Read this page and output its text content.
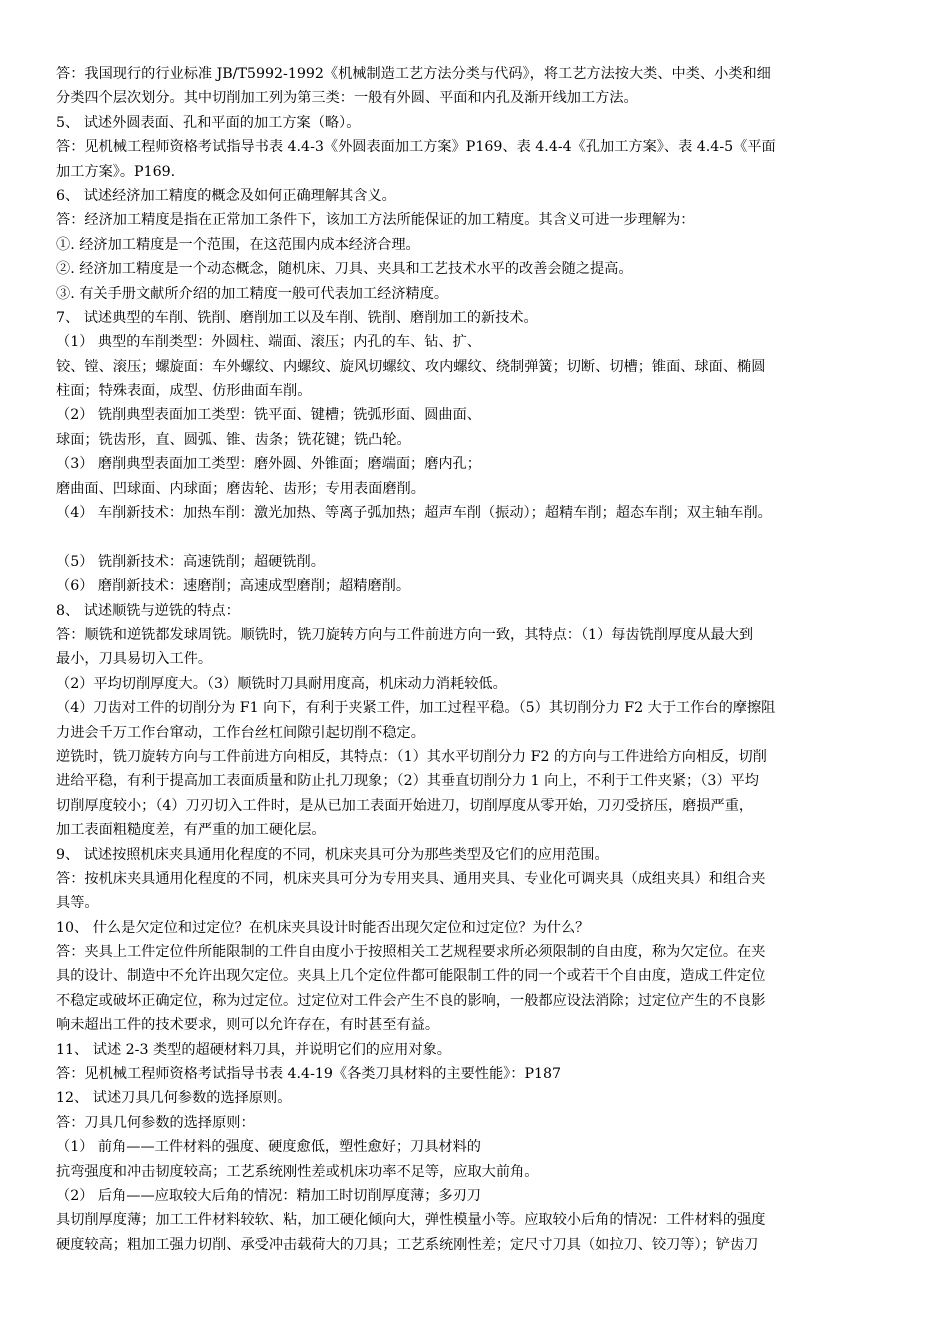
答：我国现行的行业标准 JB/T5992-1992《机械制造工艺方法分类与代码》，将工艺方法按大类、中类、小类和细
分类四个层次划分。其中切削加工列为第三类：一般有外圆、平面和内孔及渐开线加工方法。
5、 试述外圆表面、孔和平面的加工方案（略）。
答：见机械工程师资格考试指导书表 4.4-3《外圆表面加工方案》P169、表 4.4-4《孔加工方案》、表 4.4-5《平面
加工方案》。P169.
6、 试述经济加工精度的概念及如何正确理解其含义。
答：经济加工精度是指在正常加工条件下，该加工方法所能保证的加工精度。其含义可进一步理解为：
①. 经济加工精度是一个范围，在这范围内成本经济合理。
②. 经济加工精度是一个动态概念，随机床、刀具、夹具和工艺技术水平的改善会随之提高。
③. 有关手册文献所介绍的加工精度一般可代表加工经济精度。
7、 试述典型的车削、铣削、磨削加工以及车削、铣削、磨削加工的新技术。
（1） 典型的车削类型：外圆柱、端面、滚压；内孔的车、钻、扩、
铰、镗、滚压；螺旋面：车外螺纹、内螺纹、旋风切螺纹、攻内螺纹、绕制弹簧；切断、切槽；锥面、球面、椭圆
柱面；特殊表面，成型、仿形曲面车削。
（2） 铣削典型表面加工类型：铣平面、键槽；铣弧形面、圆曲面、
球面；铣齿形，直、圆弧、锥、齿条；铣花键；铣凸轮。
（3） 磨削典型表面加工类型：磨外圆、外锥面；磨端面；磨内孔；
磨曲面、凹球面、内球面；磨齿轮、齿形；专用表面磨削。
（4） 车削新技术：加热车削：激光加热、等离子弧加热；超声车削（振动）；超精车削；超态车削；双主轴车削。
（5） 铣削新技术：高速铣削；超硬铣削。
（6） 磨削新技术：速磨削；高速成型磨削；超精磨削。
8、 试述顺铣与逆铣的特点：
答：顺铣和逆铣都发球周铣。顺铣时，铣刀旋转方向与工件前进方向一致，其特点：（1）每齿铣削厚度从最大到
最小，刀具易切入工件。
（2）平均切削厚度大。（3）顺铣时刀具耐用度高，机床动力消耗较低。
（4）刀齿对工件的切削分为 F1 向下，有利于夹紧工件，加工过程平稳。（5）其切削分力 F2 大于工作台的摩擦阻
力进会千万工作台窜动，工作台丝杠间隙引起切削不稳定。
逆铣时，铣刀旋转方向与工件前进方向相反，其特点：（1）其水平切削分力 F2 的方向与工件进给方向相反，切削
进给平稳，有利于提高加工表面质量和防止扎刀现象；（2）其垂直切削分力 1 向上，不利于工件夹紧；（3）平均
切削厚度较小；（4）刀刃切入工件时，是从已加工表面开始进刀，切削厚度从零开始，刀刃受挤压，磨损严重，
加工表面粗糙度差，有严重的加工硬化层。
9、 试述按照机床夹具通用化程度的不同，机床夹具可分为那些类型及它们的应用范围。
答：按机床夹具通用化程度的不同，机床夹具可分为专用夹具、通用夹具、专业化可调夹具（成组夹具）和组合夹
具等。
10、 什么是欠定位和过定位？在机床夹具设计时能否出现欠定位和过定位？为什么？
答：夹具上工件定位件所能限制的工件自由度小于按照相关工艺规程要求所必须限制的自由度，称为欠定位。在夹
具的设计、制造中不允许出现欠定位。夹具上几个定位件都可能限制工件的同一个或若干个自由度，造成工件定位
不稳定或破坏正确定位，称为过定位。过定位对工件会产生不良的影响，一般都应设法消除；过定位产生的不良影
响未超出工件的技术要求，则可以允许存在，有时甚至有益。
11、 试述 2-3 类型的超硬材料刀具，并说明它们的应用对象。
答：见机械工程师资格考试指导书表 4.4-19《各类刀具材料的主要性能》：P187
12、 试述刀具几何参数的选择原则。
答：刀具几何参数的选择原则：
（1） 前角——工件材料的强度、硬度愈低，塑性愈好；刀具材料的
抗弯强度和冲击韧度较高；工艺系统刚性差或机床功率不足等，应取大前角。
（2） 后角——应取较大后角的情况：精加工时切削厚度薄；多刃刀
具切削厚度薄；加工工件材料较软、粘，加工硬化倾向大，弹性模量小等。应取较小后角的情况：工件材料的强度
硬度较高；粗加工强力切削、承受冲击载荷大的刀具；工艺系统刚性差；定尺寸刀具（如拉刀、铰刀等）；铲齿刀
